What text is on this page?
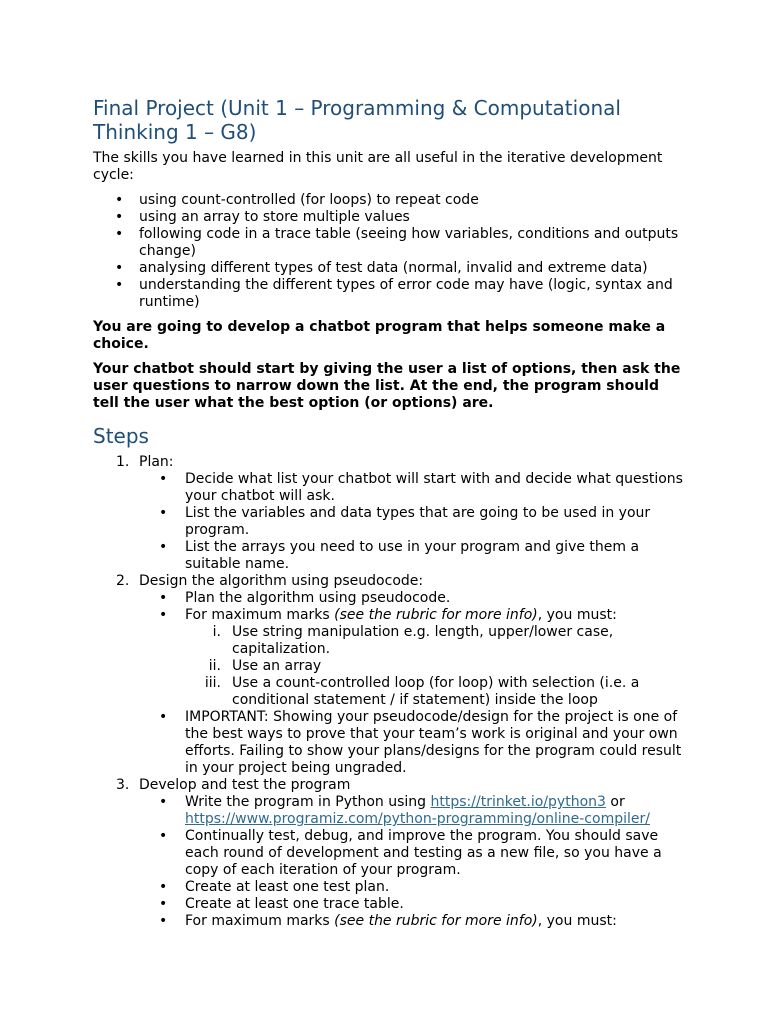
Final Project (Unit 1 – Programming & Computational Thinking 1 – G8)

The skills you have learned in this unit are all useful in the iterative development cycle:

• using count-controlled (for loops) to repeat code
• using an array to store multiple values
• following code in a trace table (seeing how variables, conditions and outputs change)
• analysing different types of test data (normal, invalid and extreme data)
• understanding the different types of error code may have (logic, syntax and runtime)

You are going to develop a chatbot program that helps someone make a choice.

Your chatbot should start by giving the user a list of options, then ask the user questions to narrow down the list. At the end, the program should tell the user what the best option (or options) are.

Steps
1. Plan:
• Decide what list your chatbot will start with and decide what questions your chatbot will ask.
• List the variables and data types that are going to be used in your program.
• List the arrays you need to use in your program and give them a suitable name.
2. Design the algorithm using pseudocode:
• Plan the algorithm using pseudocode.
• For maximum marks (see the rubric for more info), you must:
i. Use string manipulation e.g. length, upper/lower case, capitalization.
ii. Use an array
iii. Use a count-controlled loop (for loop) with selection (i.e. a conditional statement / if statement) inside the loop
• IMPORTANT: Showing your pseudocode/design for the project is one of the best ways to prove that your team’s work is original and your own efforts. Failing to show your plans/designs for the program could result in your project being ungraded.
3. Develop and test the program
• Write the program in Python using https://trinket.io/python3 or https://www.programiz.com/python-programming/online-compiler/
• Continually test, debug, and improve the program. You should save each round of development and testing as a new file, so you have a copy of each iteration of your program.
• Create at least one test plan.
• Create at least one trace table.
• For maximum marks (see the rubric for more info), you must:
